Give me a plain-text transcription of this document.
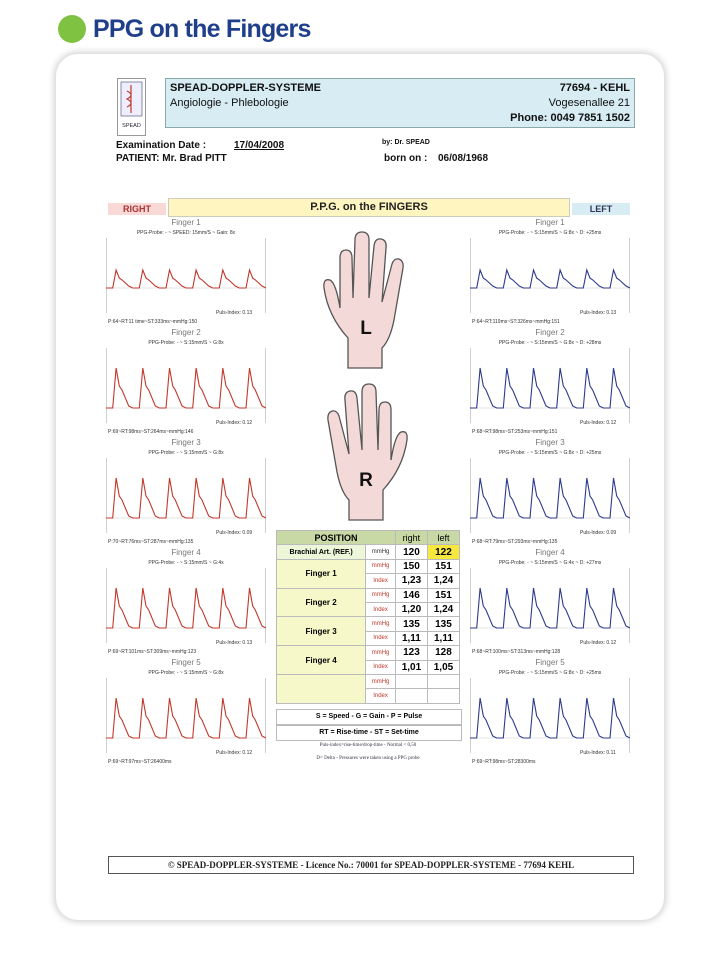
PPG on the Fingers
SPEAD
SPEAD-DOPPLER-SYSTEME
Angiologie - Phlebologie
77694 - KEHL
Vogesenallee 21
Phone: 0049 7851 1502
Examination Date :	17/04/2008
PATIENT: Mr. Brad PITT
by: Dr. SPEAD
born on : 06/08/1968
RIGHT	P.P.G. on the FINGERS	LEFT
Finger 1
PPG-Probe: - ~ SPEED: 15mm/S ~ Gain: 8x
Puls-Index: 0.13
P:64~RT:11 time~ST:333ms~mmHg:150
Finger 2
PPG-Probe: - ~ S:15mm/S ~ G:8x
Puls-Index: 0.12
P:69~RT:98ms~ST:264ms~mmHg:146
Finger 3
PPG-Probe: - ~ S:15mm/S ~ G:8x
Puls-Index: 0.09
P:70~RT:76ms~ST:287ms~mmHg:135
Finger 4
PPG-Probe: - ~ S:15mm/S ~ G:4x
Puls-Index: 0.13
P:69~RT:101ms~ST:309ms~mmHg:123
Finger 5
PPG-Probe: - ~ S:15mm/S ~ G:8x
Puls-Index: 0.12
P:69~RT:97ms~ST:26400ms
Finger 1
PPG-Probe: - ~ S:15mm/S ~ G:8x ~ D: +25ms
Puls-Index: 0.13
P:64~RT:119ms~ST:326ms~mmHg:151
Finger 2
PPG-Probe: - ~ S:15mm/S ~ G:8x ~ D: +28ms
Puls-Index: 0.12
P:68~RT:98ms~ST:253ms~mmHg:151
Finger 3
PPG-Probe: - ~ S:15mm/S ~ G:8x ~ D: +25ms
Puls-Index: 0.09
P:68~RT:79ms~ST:293ms~mmHg:135
Finger 4
PPG-Probe: - ~ S:15mm/S ~ G:4x ~ D: +27ms
Puls-Index: 0.12
P:68~RT:100ms~ST:313ms~mmHg:128
Finger 5
PPG-Probe: - ~ S:15mm/S ~ G:8x ~ D: +25ms
Puls-Index: 0.11
P:69~RT:98ms~ST:28300ms
L
R
POSITION		right	left
Brachial Art. (REF.)	mmHg	120	122
Finger 1	mmHg	150	151
	Index	1,23	1,24
Finger 2	mmHg	146	151
	Index	1,20	1,24
Finger 3	mmHg	135	135
	Index	1,11	1,11
Finger 4	mmHg	123	128
	Index	1,01	1,05
	mmHg		
	Index		
S = Speed - G = Gain - P = Pulse
RT = Rise-time - ST = Set-time
Puls-index=rise-time/drop-time - Normal < 0,50
D= Delta - Pressures were taken using a PPG probe
© SPEAD-DOPPLER-SYSTEME - Licence No.: 70001 for SPEAD-DOPPLER-SYSTEME - 77694 KEHL
